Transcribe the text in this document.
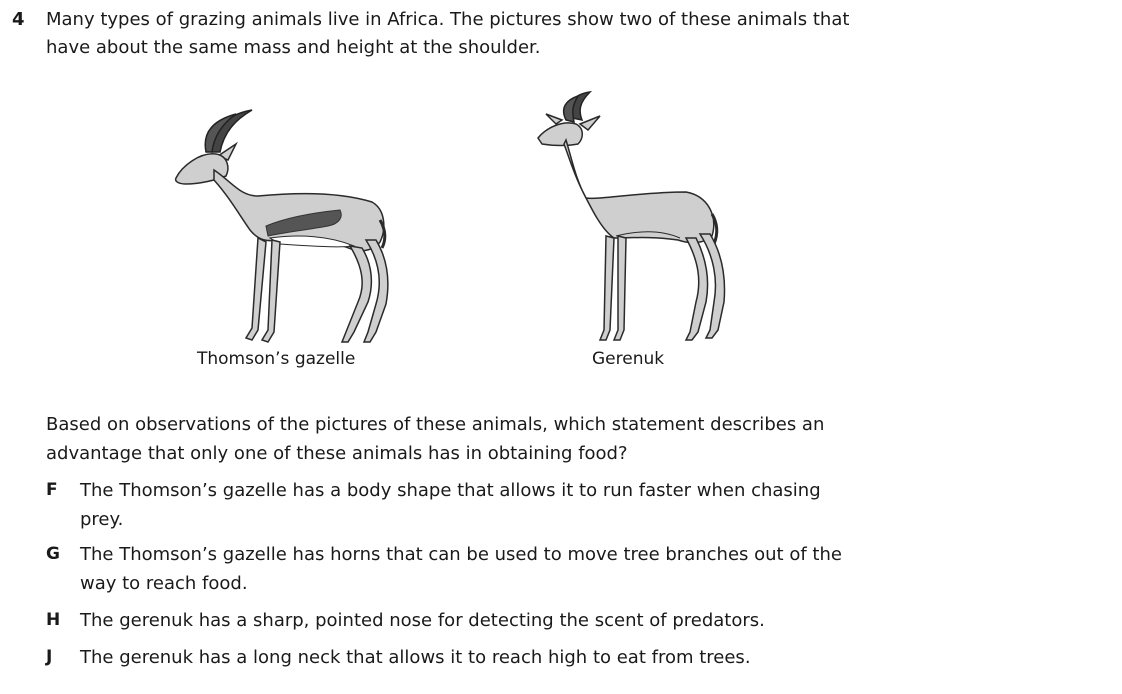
4 Many types of grazing animals live in Africa. The pictures show two of these animals that have about the same mass and height at the shoulder.
Thomson’s gazelle	Gerenuk
Based on observations of the pictures of these animals, which statement describes an advantage that only one of these animals has in obtaining food?
F The Thomson’s gazelle has a body shape that allows it to run faster when chasing prey.
G The Thomson’s gazelle has horns that can be used to move tree branches out of the way to reach food.
H The gerenuk has a sharp, pointed nose for detecting the scent of predators.
J The gerenuk has a long neck that allows it to reach high to eat from trees.
